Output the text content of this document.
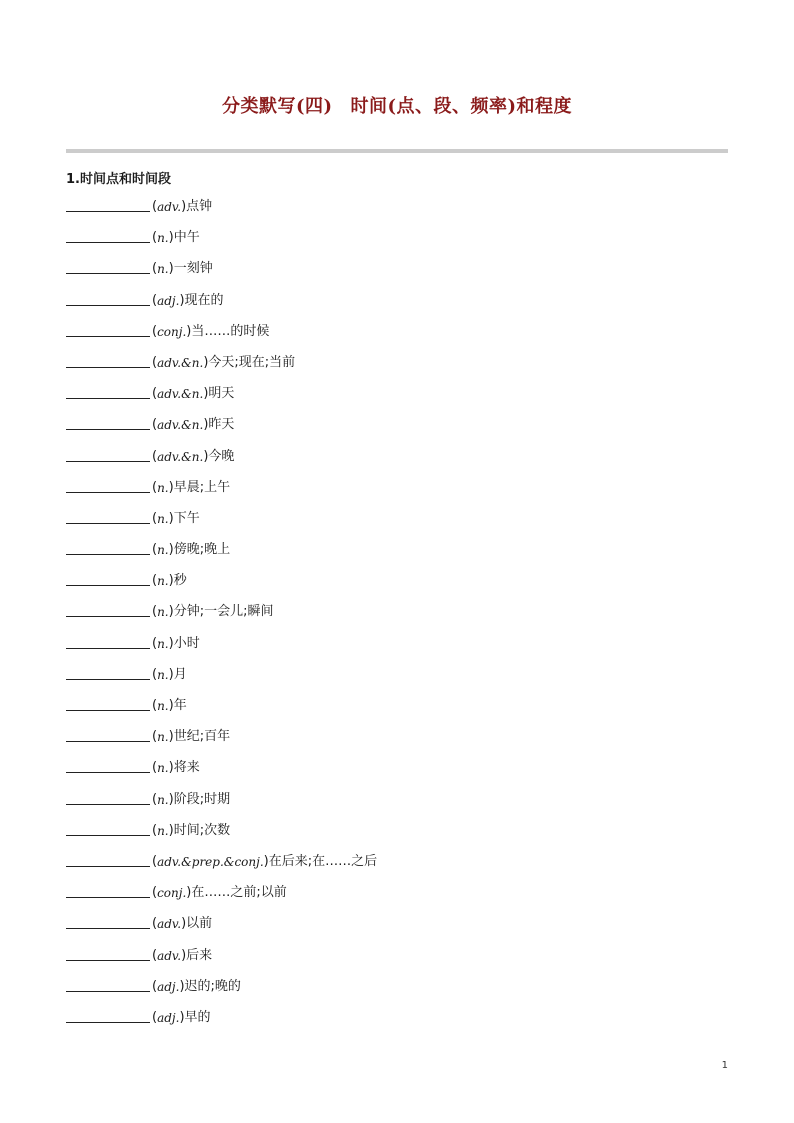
分类默写(四) 时间(点、段、频率)和程度
1.时间点和时间段
( adv. ) 点钟
( n. ) 中午
( n. ) 一刻钟
( adj. ) 现在的
( conj. ) 当……的时候
( adv.&n. ) 今天;现在;当前
( adv.&n. ) 明天
( adv.&n. ) 昨天
( adv.&n. ) 今晚
( n. ) 早晨;上午
( n. ) 下午
( n. ) 傍晚;晚上
( n. ) 秒
( n. ) 分钟;一会儿;瞬间
( n. ) 小时
( n. ) 月
( n. ) 年
( n. ) 世纪;百年
( n. ) 将来
( n. ) 阶段;时期
( n. ) 时间;次数
( adv.&prep.&conj. ) 在后来;在……之后
( conj. ) 在……之前;以前
( adv. ) 以前
( adv. ) 后来
( adj. ) 迟的;晚的
( adj. ) 早的
1
